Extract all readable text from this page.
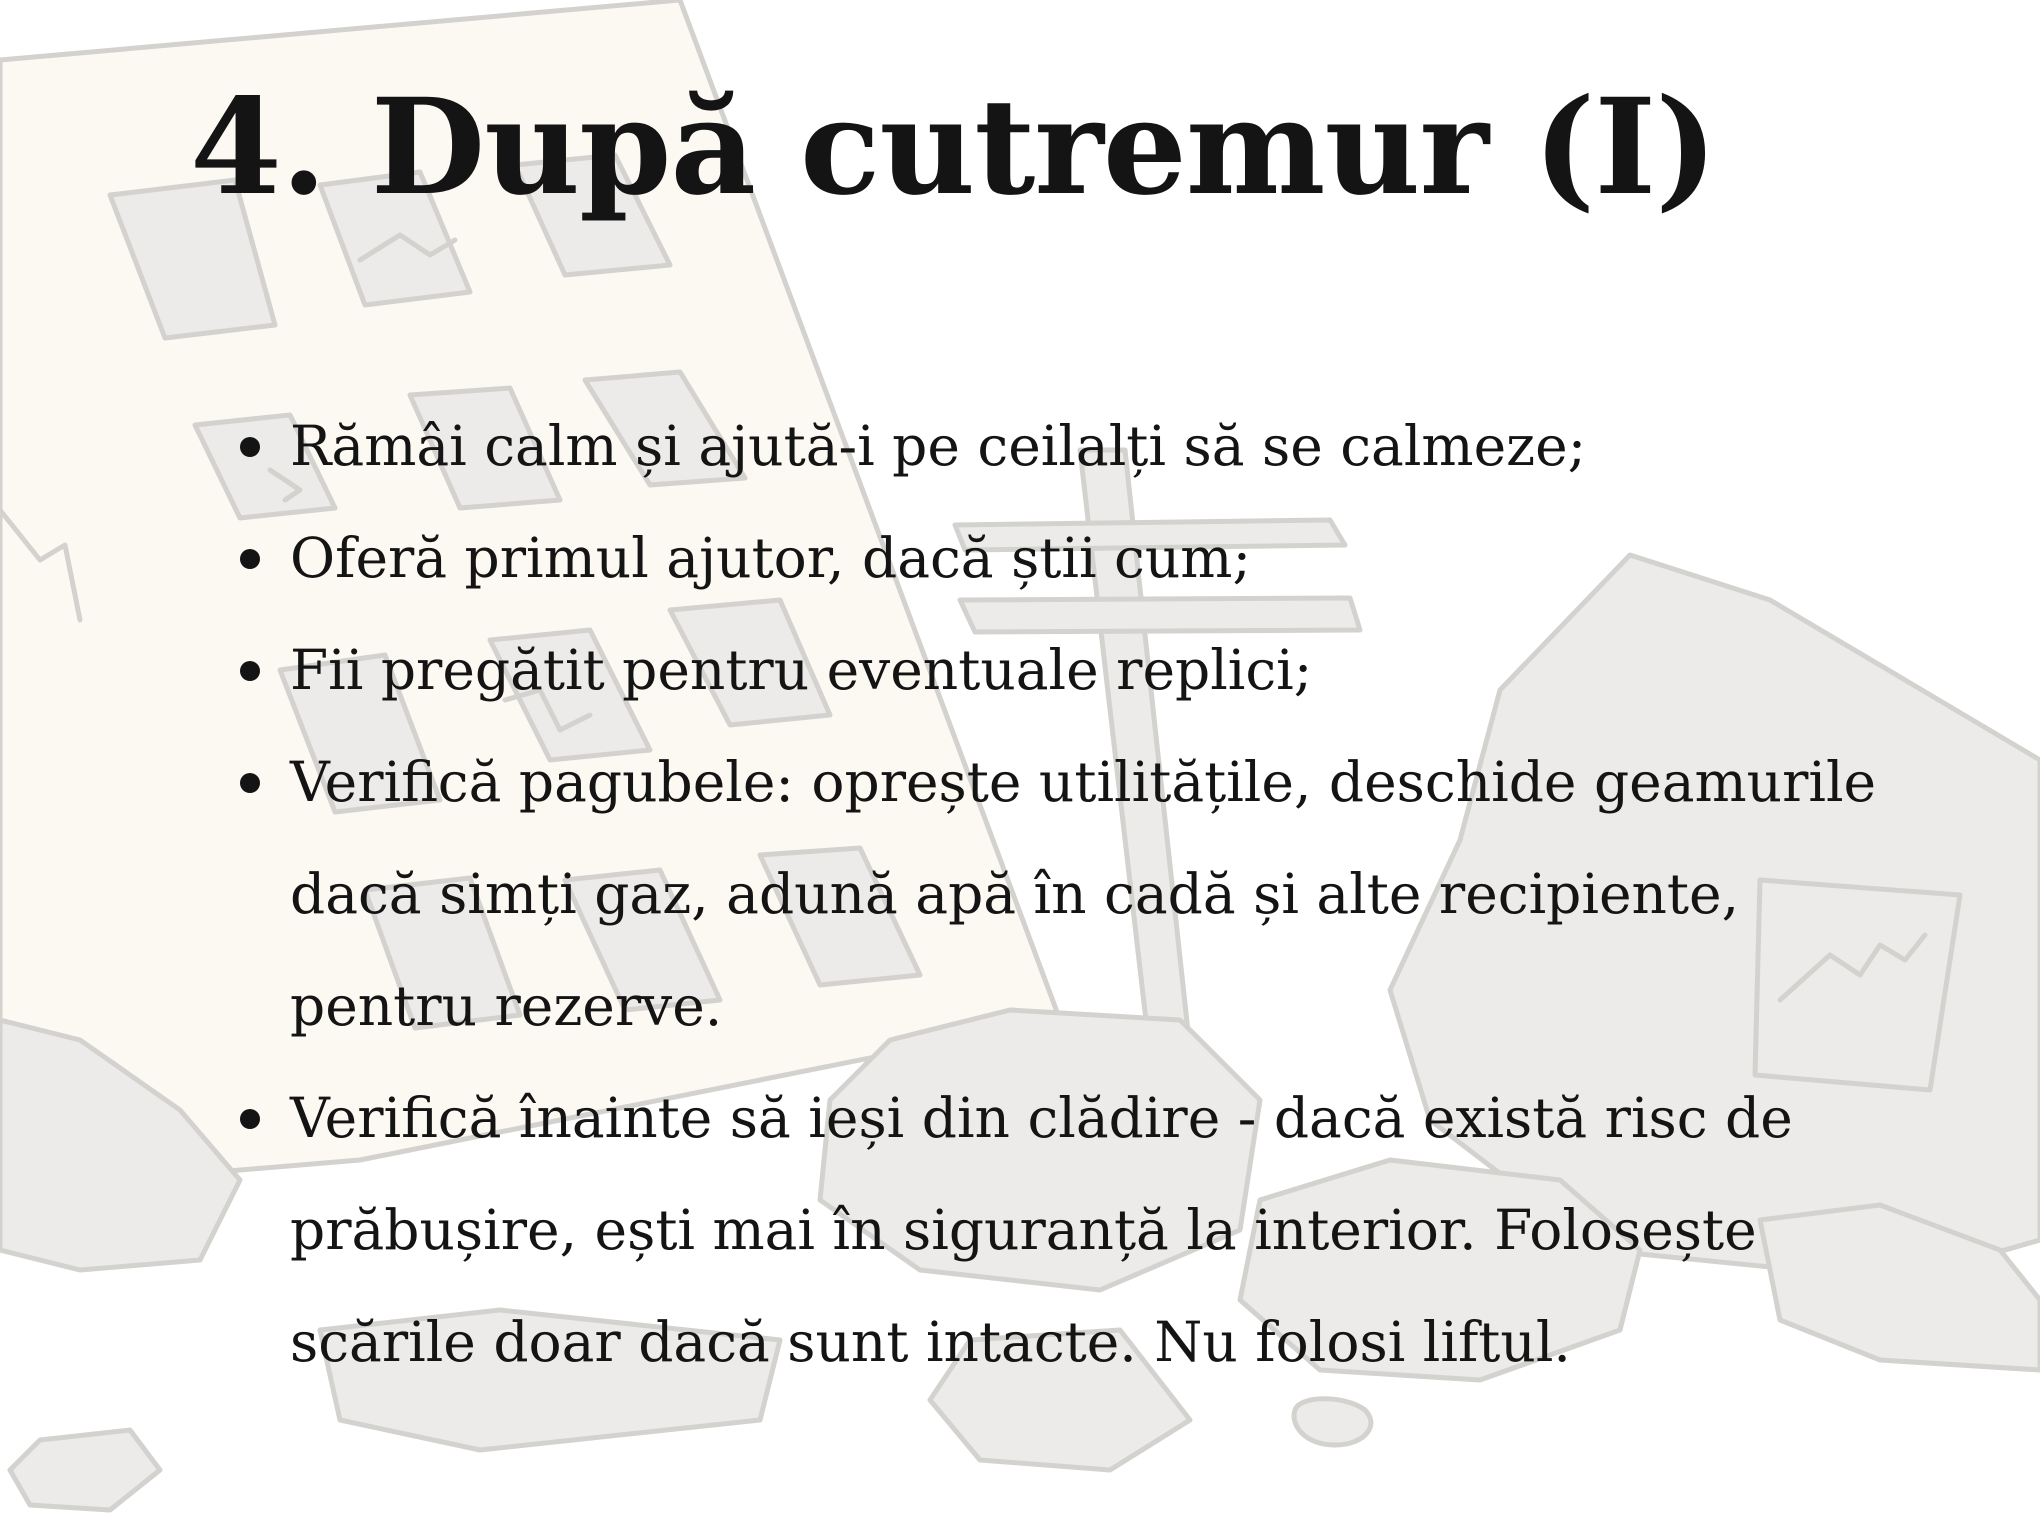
4. După cutremur (I)
Rămâi calm și ajută-i pe ceilalți să se calmeze;
Oferă primul ajutor, dacă știi cum;
Fii pregătit pentru eventuale replici;
Verifică pagubele: oprește utilitățile, deschide geamurile dacă simți gaz, adună apă în cadă și alte recipiente, pentru rezerve.
Verifică înainte să ieși din clădire - dacă există risc de prăbușire, ești mai în siguranță la interior. Folosește scările doar dacă sunt intacte. Nu folosi liftul.
